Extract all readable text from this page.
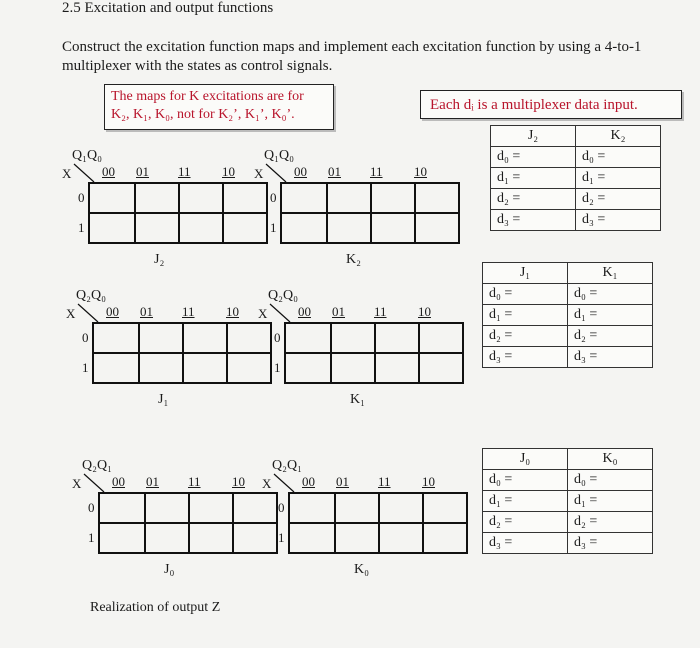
2.5 Excitation and output functions
Construct the excitation function maps and implement each excitation function by using a 4-to-1 multiplexer with the states as control signals.
The maps for K excitations are for
K₂, K₁, K₀, not for K₂’, K₁’, K₀’.
Each dᵢ is a multiplexer data input.
Q₁Q₀
X 00 01 11 10
0
1
J₂
Q₁Q₀
X 00 01 11 10
0
1
K₂
Q₂Q₀
X 00 01 11 10
0
1
J₁
Q₂Q₀
X 00 01 11 10
0
1
K₁
Q₂Q₁
X 00 01 11 10
0
1
J₀
Q₂Q₁
X 00 01 11 10
0
1
K₀
J₂	K₂
d₀ =	d₀ =
d₁ =	d₁ =
d₂ =	d₂ =
d₃ =	d₃ =
J₁	K₁
d₀ =	d₀ =
d₁ =	d₁ =
d₂ =	d₂ =
d₃ =	d₃ =
J₀	K₀
d₀ =	d₀ =
d₁ =	d₁ =
d₂ =	d₂ =
d₃ =	d₃ =
Realization of output Z
